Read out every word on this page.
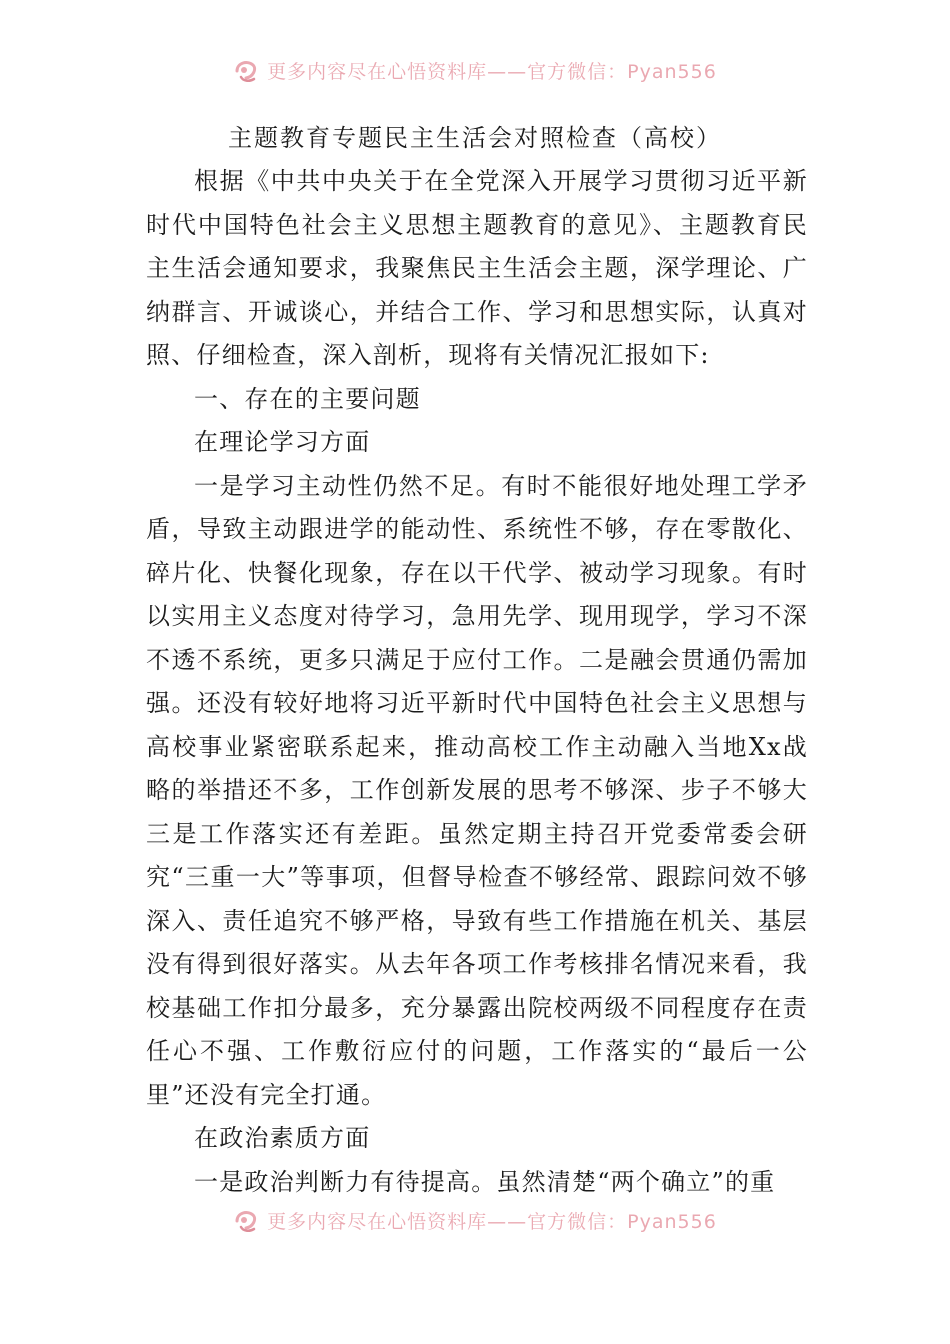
更多内容尽在心悟资料库——官方微信：Pyan556
主题教育专题民主生活会对照检查（高校）

根据《中共中央关于在全党深入开展学习贯彻习近平新时代中国特色社会主义思想主题教育的意见》、主题教育民主生活会通知要求，我聚焦民主生活会主题，深学理论、广纳群言、开诚谈心，并结合工作、学习和思想实际，认真对照、仔细检查，深入剖析，现将有关情况汇报如下:

一、存在的主要问题

在理论学习方面

一是学习主动性仍然不足。有时不能很好地处理工学矛盾，导致主动跟进学的能动性、系统性不够，存在零散化、碎片化、快餐化现象，存在以干代学、被动学习现象。有时以实用主义态度对待学习，急用先学、现用现学，学习不深不透不系统，更多只满足于应付工作。二是融会贯通仍需加强。还没有较好地将习近平新时代中国特色社会主义思想与高校事业紧密联系起来，推动高校工作主动融入当地Xx战略的举措还不多，工作创新发展的思考不够深、步子不够大三是工作落实还有差距。虽然定期主持召开党委常委会研究“三重一大”等事项，但督导检查不够经常、跟踪问效不够深入、责任追究不够严格，导致有些工作措施在机关、基层没有得到很好落实。从去年各项工作考核排名情况来看，我校基础工作扣分最多，充分暴露出院校两级不同程度存在责任心不强、工作敷衍应付的问题，工作落实的“最后一公里”还没有完全打通。

在政治素质方面

一是政治判断力有待提高。虽然清楚“两个确立”的重

更多内容尽在心悟资料库——官方微信：Pyan556
